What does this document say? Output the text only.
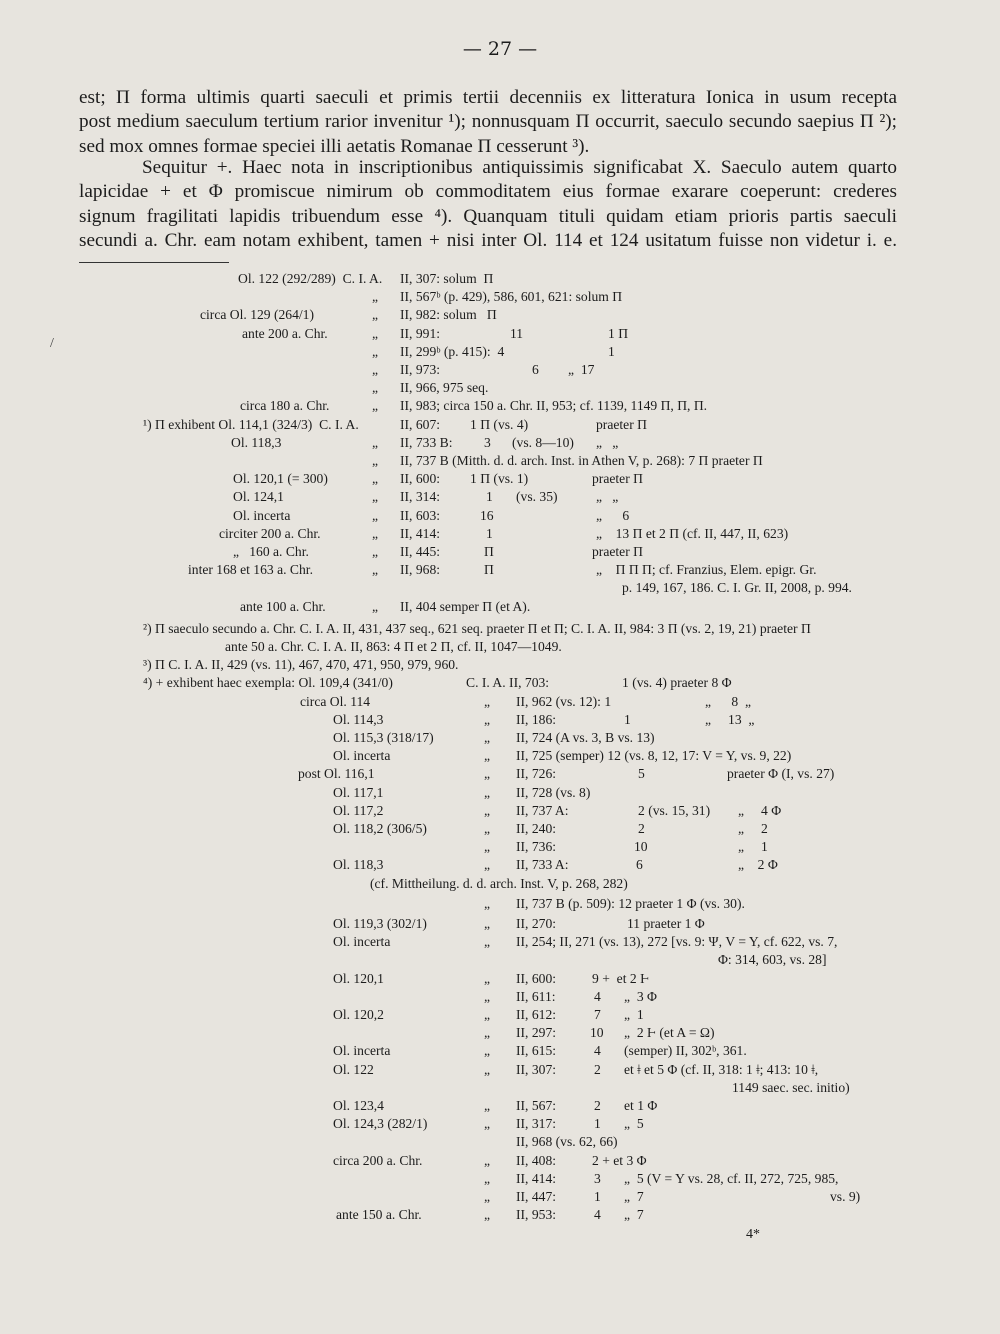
— 27 —
est; Π forma ultimis quarti saeculi et primis tertii decenniis ex litteratura Ionica in usum recepta
post medium saeculum tertium rarior invenitur ¹); nonnusquam Π occurrit, saeculo secundo saepius Π ²);
sed mox omnes formae speciei illi aetatis Romanae Π cesserunt ³).
Sequitur +. Haec nota in inscriptionibus antiquissimis significabat X. Saeculo autem quarto
lapicidae + et Φ promiscue nimirum ob commoditatem eius formae exarare coeperunt: crederes
signum fragilitati lapidis tribuendum esse ⁴). Quanquam tituli quidam etiam prioris partis saeculi
secundi a. Chr. eam notam exhibent, tamen + nisi inter Ol. 114 et 124 usitatum fuisse non videtur i. e.
/
Ol. 122 (292/289)  C. I. A. II, 307: solum  Π
„ II, 567ᵇ (p. 429), 586, 601, 621: solum Π
circa Ol. 129 (264/1)	„ II, 982: solum   Π
ante 200 a. Chr.	„ II, 991:	11	1 Π
„ II, 299ᵇ (p. 415):  4	1
„ II, 973:	6 „  17
„ II, 966, 975 seq.
circa 180 a. Chr.	„ II, 983; circa 150 a. Chr. II, 953; cf. 1139, 1149 Π, Π, Π.
¹) Π exhibent Ol. 114,1 (324/3)  C. I. A.	II, 607: 1 Π (vs. 4)	praeter Π
Ol. 118,3	„ II, 733 B: 3 (vs. 8—10) „   „
„ II, 737 B (Mitth. d. d. arch. Inst. in Athen V, p. 268): 7 Π praeter Π
Ol. 120,1 (= 300)	„ II, 600: 1 Π (vs. 1)	praeter Π
Ol. 124,1	„ II, 314:	1 (vs. 35)	„   „
Ol. incerta	„ II, 603:	16	„      6
circiter 200 a. Chr.	„ II, 414:	1	„    13 Π et 2 Π (cf. II, 447, II, 623)
„   160 a. Chr.	„ II, 445:	Π	praeter Π
inter 168 et 163 a. Chr.	„ II, 968:	Π	„    Π Π Π; cf. Franzius, Elem. epigr. Gr.
p. 149, 167, 186. C. I. Gr. II, 2008, p. 994.
ante 100 a. Chr.	„ II, 404 semper Π (et A).
²) Π saeculo secundo a. Chr. C. I. A. II, 431, 437 seq., 621 seq. praeter Π et Π; C. I. A. II, 984: 3 Π (vs. 2, 19, 21) praeter Π
ante 50 a. Chr. C. I. A. II, 863: 4 Π et 2 Π, cf. II, 1047—1049.
³) Π C. I. A. II, 429 (vs. 11), 467, 470, 471, 950, 979, 960.
⁴) + exhibent haec exempla: Ol. 109,4 (341/0)	C. I. A. II, 703:	1 (vs. 4) praeter 8 Φ
circa Ol. 114	„ II, 962 (vs. 12): 1	„      8  „
Ol. 114,3	„ II, 186:	1	„     13  „
Ol. 115,3 (318/17)	„ II, 724 (A vs. 3, B vs. 13)
Ol. incerta	„ II, 725 (semper) 12 (vs. 8, 12, 17: V = Y, vs. 9, 22)
post Ol. 116,1	„ II, 726:	5	praeter Φ (I, vs. 27)
Ol. 117,1	„ II, 728 (vs. 8)
Ol. 117,2	„ II, 737 A:	2 (vs. 15, 31) „     4 Φ
Ol. 118,2 (306/5)	„ II, 240:	2	„     2
„ II, 736:	10	„     1
Ol. 118,3	„ II, 733 A:	6	„    2 Φ
(cf. Mittheilung. d. d. arch. Inst. V, p. 268, 282)
„ II, 737 B (p. 509): 12 praeter 1 Φ (vs. 30).
Ol. 119,3 (302/1)	„ II, 270:	11 praeter 1 Φ
Ol. incerta	„ II, 254; II, 271 (vs. 13), 272 [vs. 9: Ψ, V = Y, cf. 622, vs. 7,
Φ: 314, 603, vs. 28]
Ol. 120,1	„ II, 600:	9 +  et 2 Ⱶ
„ II, 611:	4 „  3 Φ
Ol. 120,2	„ II, 612:	7 „  1
„ II, 297: 10 „  2 Ⱶ (et A = Ω)
Ol. incerta	„ II, 615:	4 (semper) II, 302ᵇ, 361.
Ol. 122	„ II, 307:	2 et ǂ et 5 Φ (cf. II, 318: 1 ǂ; 413: 10 ǂ,
1149 saec. sec. initio)
Ol. 123,4	„ II, 567:	2 et 1 Φ
Ol. 124,3 (282/1)	„ II, 317:	1 „  5
II, 968 (vs. 62, 66)
circa 200 a. Chr.	„ II, 408:	2 + et 3 Φ
„ II, 414:	3 „  5 (V = Y vs. 28, cf. II, 272, 725, 985,
„ II, 447:	1 „  7	vs. 9)
ante 150 a. Chr.	„ II, 953:	4 „  7
4*
